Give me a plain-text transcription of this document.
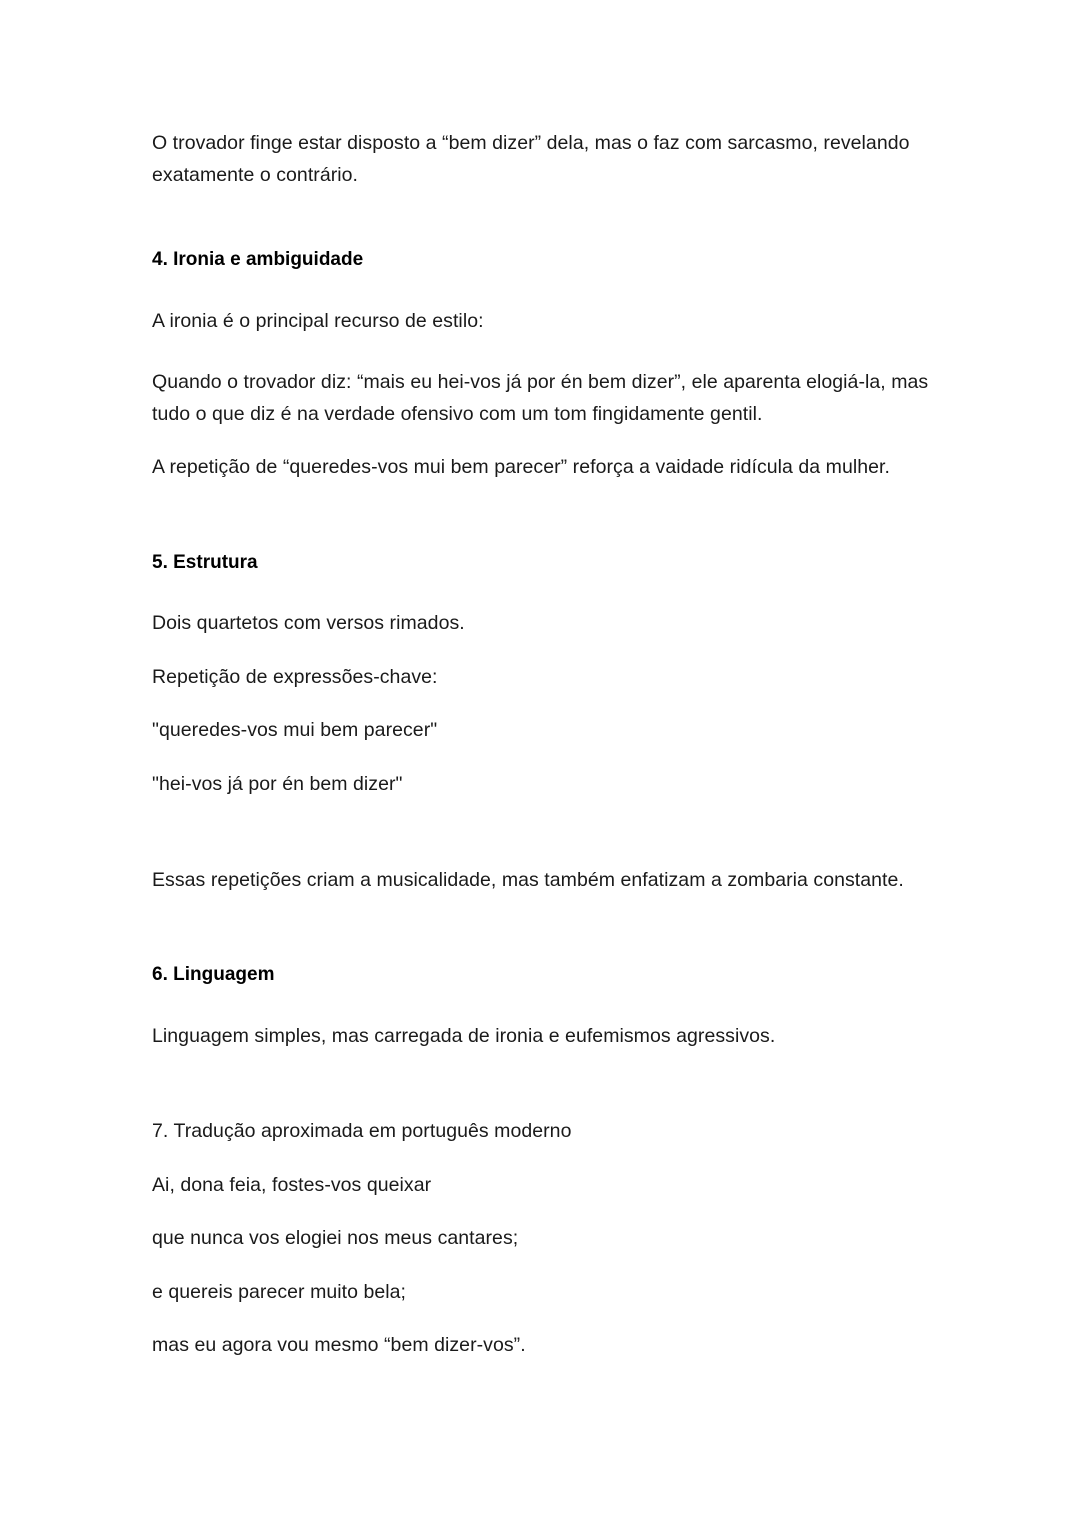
O trovador finge estar disposto a “bem dizer” dela, mas o faz com sarcasmo, revelando exatamente o contrário.

4. Ironia e ambiguidade

A ironia é o principal recurso de estilo:

Quando o trovador diz: “mais eu hei-vos já por én bem dizer”, ele aparenta elogiá-la, mas tudo o que diz é na verdade ofensivo com um tom fingidamente gentil.

A repetição de “queredes-vos mui bem parecer” reforça a vaidade ridícula da mulher.

5. Estrutura

Dois quartetos com versos rimados.

Repetição de expressões-chave:

"queredes-vos mui bem parecer"

"hei-vos já por én bem dizer"

Essas repetições criam a musicalidade, mas também enfatizam a zombaria constante.

6. Linguagem

Linguagem simples, mas carregada de ironia e eufemismos agressivos.

7. Tradução aproximada em português moderno

Ai, dona feia, fostes-vos queixar

que nunca vos elogiei nos meus cantares;

e quereis parecer muito bela;

mas eu agora vou mesmo “bem dizer-vos”.
